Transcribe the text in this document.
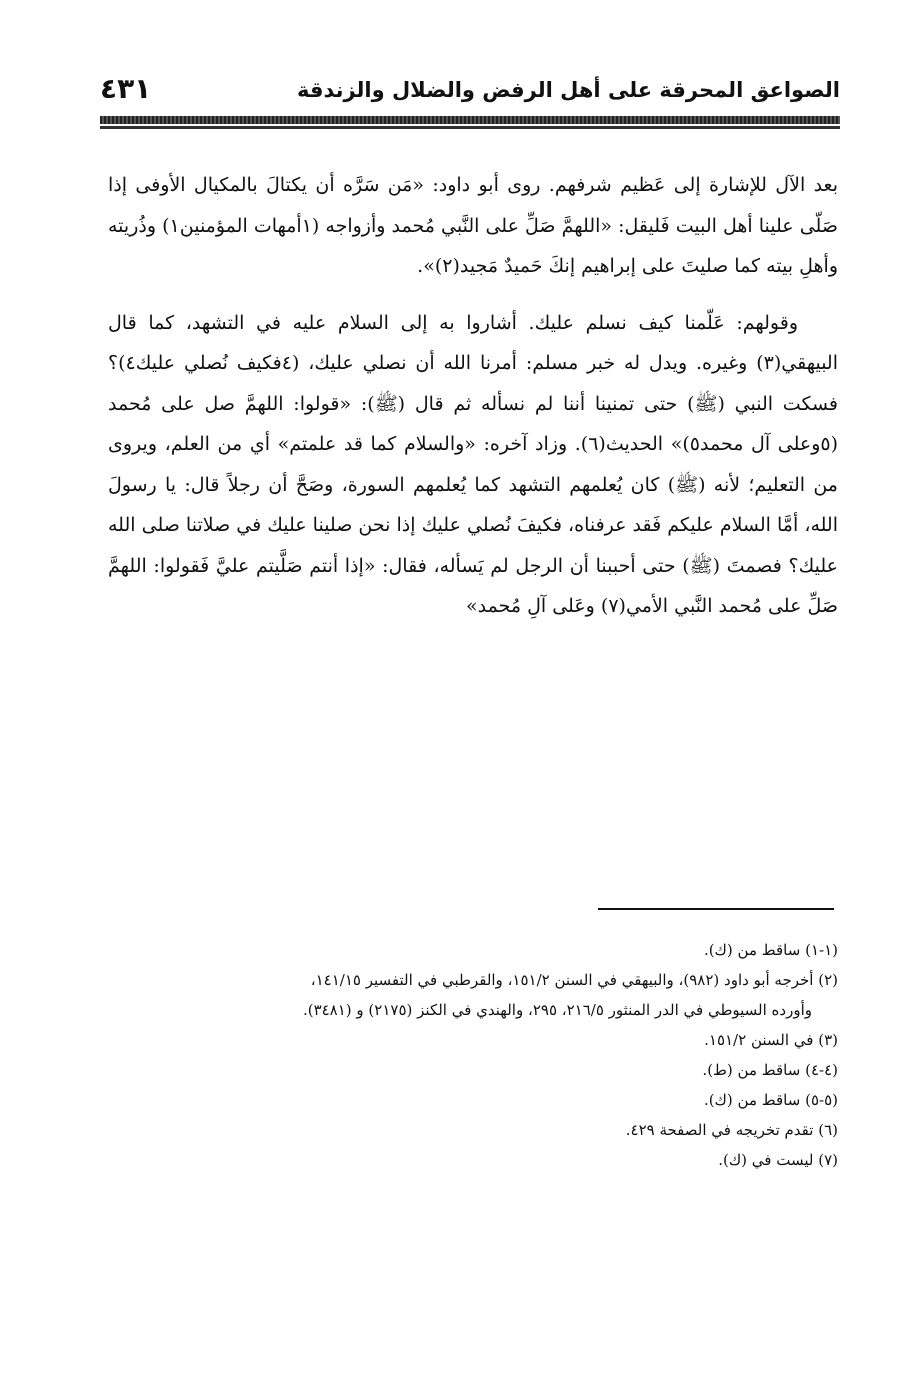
الصواعق المحرقة على أهل الرفض والضلال والزندقة
٤٣١

بعد الآل للإشارة إلى عَظيم شرفهم. روى أبو داود: «مَن سَرَّه أن يكتالَ بالمكيال الأوفى إذا صَلّى علينا أهل البيت فَليقل: «اللهمَّ صَلِّ على النَّبي مُحمد وأزواجه (١أمهات المؤمنين١) وذُريته وأهلِ بيته كما صليتَ على إبراهيم إنكَ حَميدٌ مَجيد(٢)».

وقولهم: عَلّمنا كيف نسلم عليك. أشاروا به إلى السلام عليه في التشهد، كما قال البيهقي(٣) وغيره. ويدل له خبر مسلم: أمرنا الله أن نصلي عليك، (٤فكيف نُصلي عليك٤)؟ فسكت النبي (ﷺ) حتى تمنينا أننا لم نسأله ثم قال (ﷺ): «قولوا: اللهمَّ صل على مُحمد (٥وعلى آل محمد٥)» الحديث(٦). وزاد آخره: «والسلام كما قد علمتم» أي من العلم، ويروى من التعليم؛ لأنه (ﷺ) كان يُعلمهم التشهد كما يُعلمهم السورة، وصَحَّ أن رجلاً قال: يا رسولَ الله، أمَّا السلام عليكم فَقد عرفناه، فكيفَ نُصلي عليك إذا نحن صلينا عليك في صلاتنا صلى الله عليك؟ فصمتَ (ﷺ) حتى أحببنا أن الرجل لم يَسأله، فقال: «إذا أنتم صَلَّيتم عليَّ فَقولوا: اللهمَّ صَلِّ على مُحمد النَّبي الأمي(٧) وعَلى آلِ مُحمد»

(١-١) ساقط من (ك).
(٢) أخرجه أبو داود (٩٨٢)، والبيهقي في السنن ١٥١/٢، والقرطبي في التفسير ١٤١/١٥،
وأورده السيوطي في الدر المنثور ٢١٦/٥، ٢٩٥، والهندي في الكنز (٢١٧٥) و (٣٤٨١).
(٣) في السنن ١٥١/٢.
(٤-٤) ساقط من (ط).
(٥-٥) ساقط من (ك).
(٦) تقدم تخريجه في الصفحة ٤٢٩.
(٧) ليست في (ك).
